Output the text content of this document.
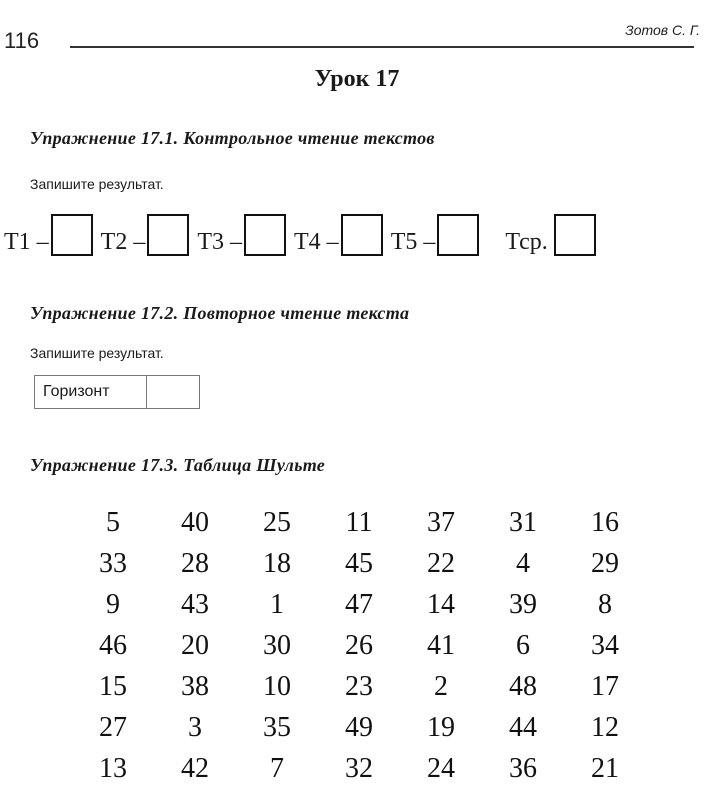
116	Зотов С. Г.
Урок 17
Упражнение 17.1. Контрольное чтение текстов
Запишите результат.
Т1 – Т2 – Т3 – Т4 – Т5 –	Тср.
Упражнение 17.2. Повторное чтение текста
Запишите результат.
Горизонт
Упражнение 17.3. Таблица Шульте
5	40	25	11	37	31	16
33	28	18	45	22	4	29
9	43	1	47	14	39	8
46	20	30	26	41	6	34
15	38	10	23	2	48	17
27	3	35	49	19	44	12
13	42	7	32	24	36	21
